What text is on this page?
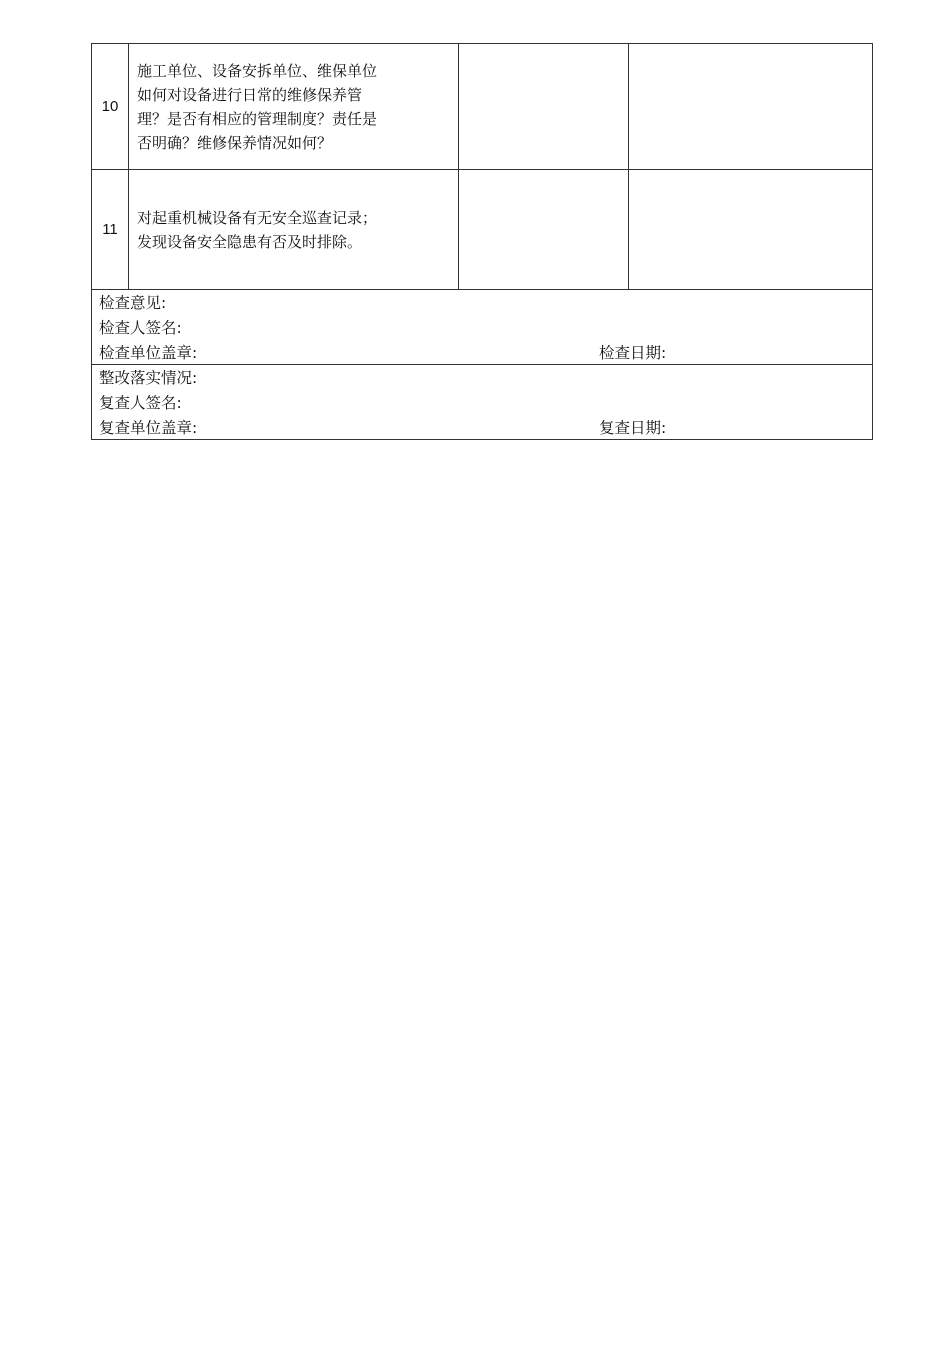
10
施工单位、设备安拆单位、维保单位
如何对设备进行日常的维修保养管
理？是否有相应的管理制度？责任是
否明确？维修保养情况如何？
11
对起重机械设备有无安全巡查记录；
发现设备安全隐患有否及时排除。
检查意见:
检查人签名:
检查单位盖章:	检查日期:
整改落实情况:
复查人签名:
复查单位盖章:	复查日期:
